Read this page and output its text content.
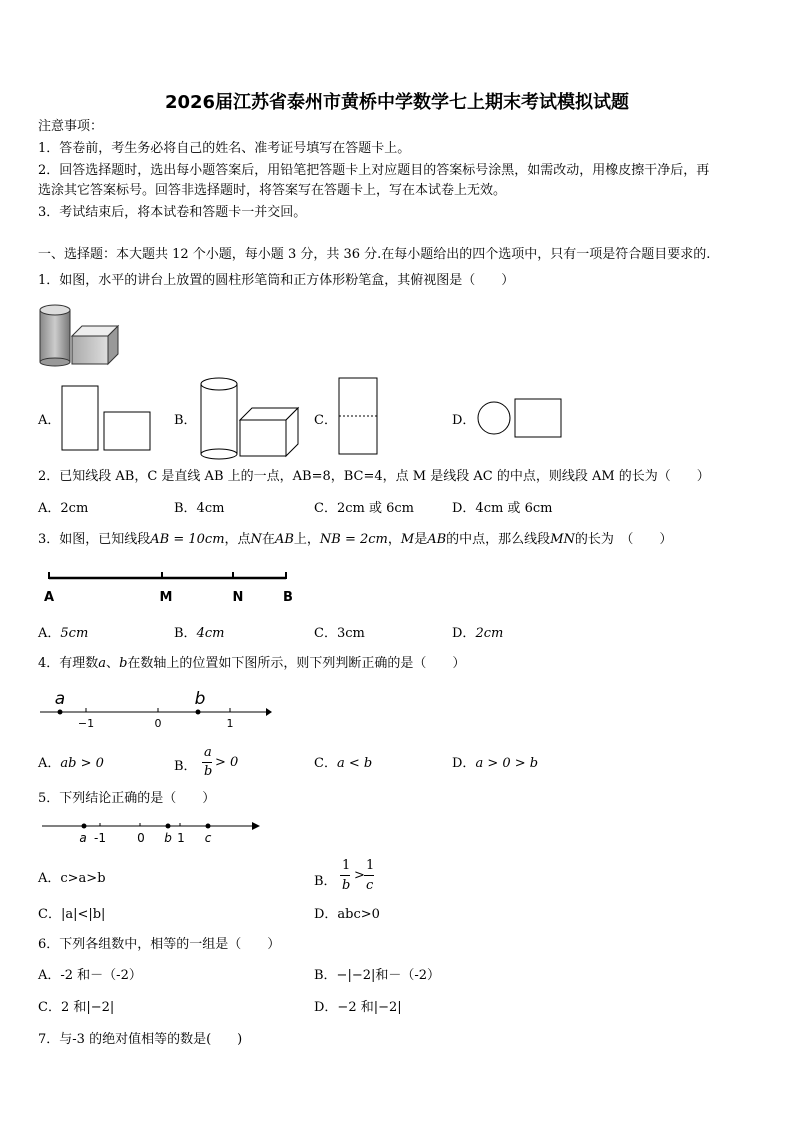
2026届江苏省泰州市黄桥中学数学七上期末考试模拟试题
注意事项：
1．答卷前，考生务必将自己的姓名、准考证号填写在答题卡上。
2．回答选择题时，选出每小题答案后，用铅笔把答题卡上对应题目的答案标号涂黑，如需改动，用橡皮擦干净后，再
选涂其它答案标号。回答非选择题时，将答案写在答题卡上，写在本试卷上无效。
3．考试结束后，将本试卷和答题卡一并交回。
一、选择题：本大题共 12 个小题，每小题 3 分，共 36 分.在每小题给出的四个选项中，只有一项是符合题目要求的.
1．如图，水平的讲台上放置的圆柱形笔筒和正方体形粉笔盒，其俯视图是（　　）
A．	B．	C．	D．
2．已知线段 AB，C 是直线 AB 上的一点，AB=8，BC=4，点 M 是线段 AC 的中点，则线段 AM 的长为（　　）
A．2cm	B．4cm	C．2cm 或 6cm	D．4cm 或 6cm
3．如图，已知线段AB = 10cm，点N在AB上，NB = 2cm，M是AB的中点，那么线段MN的长为　（　　）
A	M	N	B
A．5cm	B．4cm	C．3cm	D．2cm
4．有理数a、b在数轴上的位置如下图所示，则下列判断正确的是（　　）
a	b
−1	0	1
A．ab > 0	B．
a
b
> 0	C．a < b	D．a > 0 > b
5．下列结论正确的是（　　）
a -1	0 b 1 c
A．c>a>b	B．
1
b
>
1
c
C．|a|<|b|	D．abc>0
6．下列各组数中，相等的一组是（　　）
A．-2 和－（-2）	B．−|−2|和－（-2）
C．2 和|−2|	D．−2 和|−2|
7．与-3 的绝对值相等的数是(　　)
